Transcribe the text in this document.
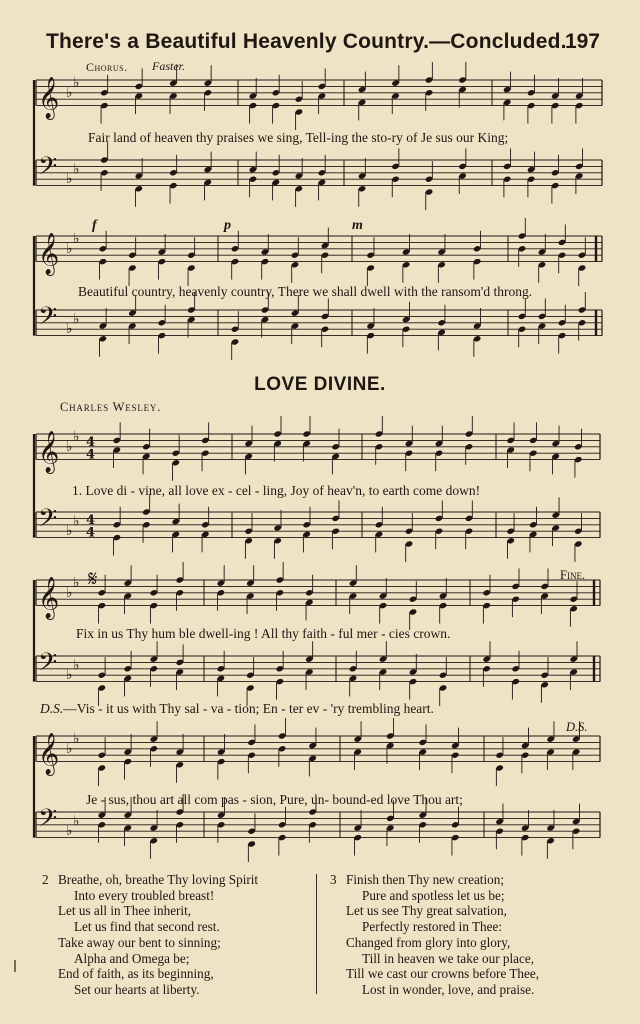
There's a Beautiful Heavenly Country.—Concluded.
197
Chorus. Faster.
𝄞 ♭
♭
𝄢 ♭
♭
𝄞 ♭
♭
𝄢 ♭
♭
𝄞 ♭
♭ 4
4
𝄢 ♭
♭ 4
4
𝄞 ♭
♭
𝄢 ♭
♭
𝄞 ♭
♭
𝄢 ♭
♭
Fair land of heaven thy praises we sing, Tell-ing the sto-ry of Je sus our King;
Beautiful country, heavenly country, There we shall dwell with the ransom'd throng.
f	p	m
LOVE DIVINE.
Charles Wesley.
1. Love di - vine, all love ex - cel - ling, Joy of heav'n, to earth come down!
Fine.
𝄋
Fix in us Thy hum ble dwell-ing ! All thy faith - ful mer - cies crown.
D.S.—Vis - it us with Thy sal - va - tion; En - ter ev - 'ry trembling heart.
D.S.
Je - sus, thou art all com pas - sion, Pure, un- bound-ed love Thou art;
2 Breathe, oh, breathe Thy loving Spirit
Into every troubled breast!
Let us all in Thee inherit,
Let us find that second rest.
Take away our bent to sinning;
Alpha and Omega be;
End of faith, as its beginning,
Set our hearts at liberty.
3 Finish then Thy new creation;
Pure and spotless let us be;
Let us see Thy great salvation,
Perfectly restored in Thee:
Changed from glory into glory,
Till in heaven we take our place,
Till we cast our crowns before Thee,
Lost in wonder, love, and praise.
